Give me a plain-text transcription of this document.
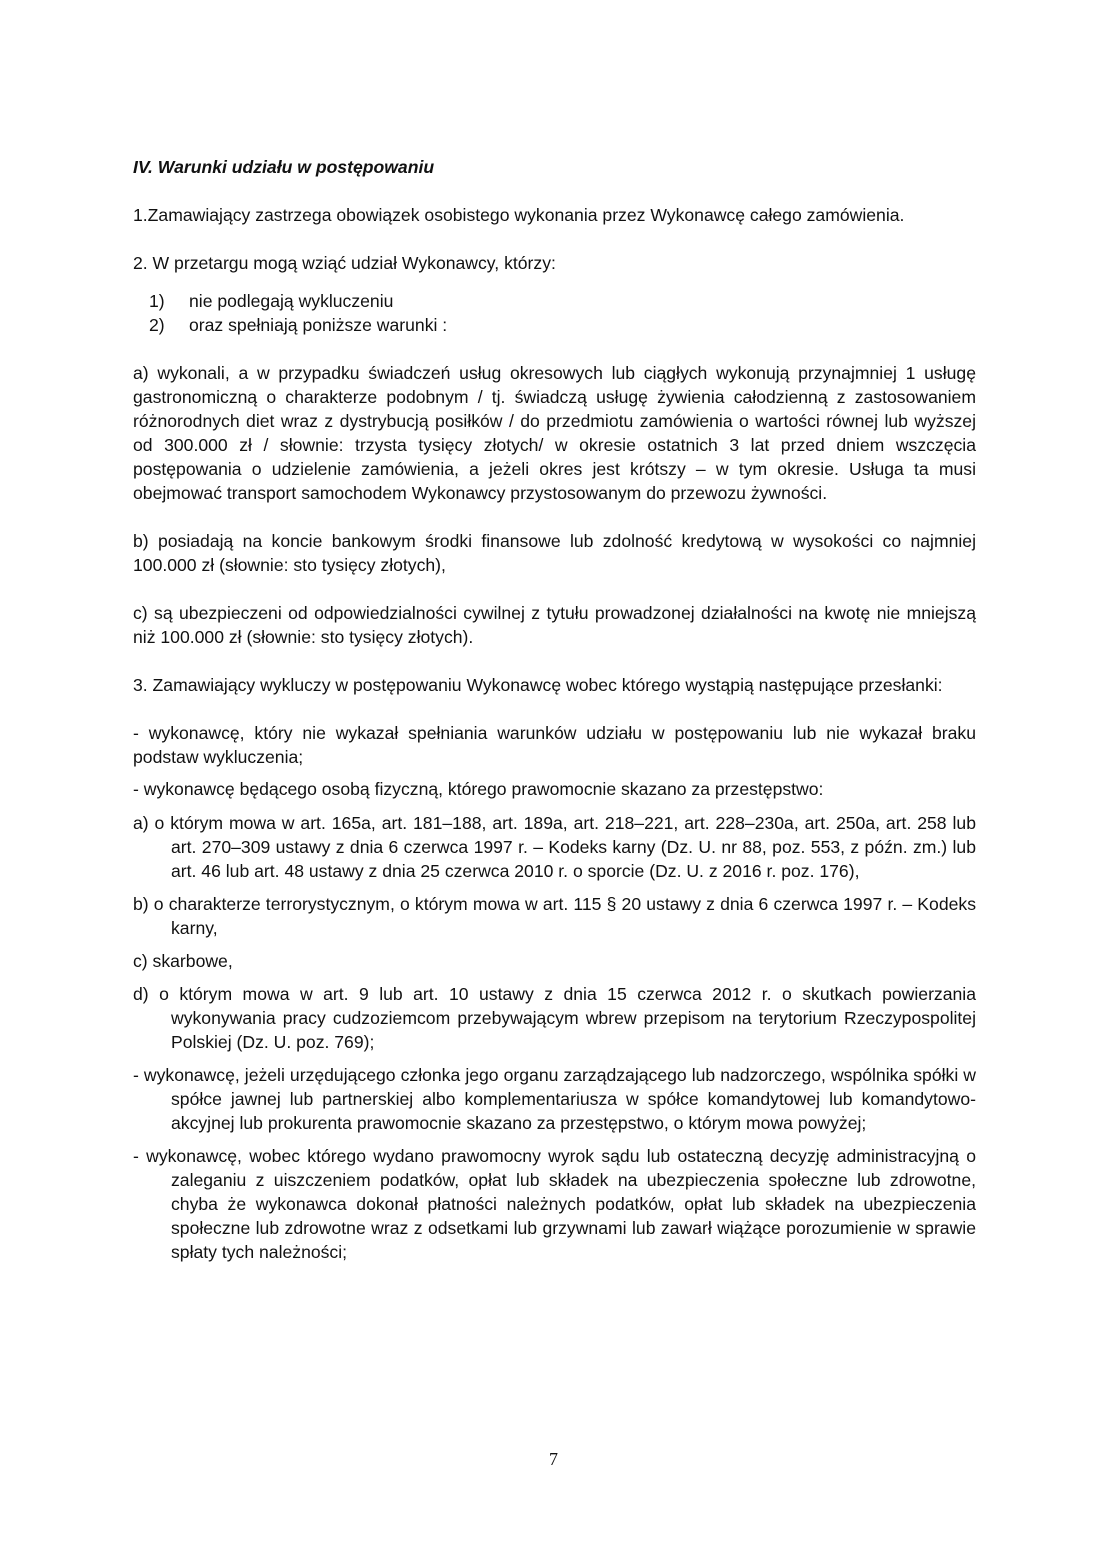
IV. Warunki udziału w postępowaniu

1.Zamawiający zastrzega obowiązek osobistego wykonania przez Wykonawcę całego zamówienia.

2. W przetargu mogą wziąć udział Wykonawcy, którzy:

1) nie podlegają wykluczeniu
2) oraz spełniają poniższe warunki :

a) wykonali, a w przypadku świadczeń usług okresowych lub ciągłych wykonują przynajmniej 1 usługę gastronomiczną o charakterze podobnym / tj. świadczą usługę żywienia całodzienną z zastosowaniem różnorodnych diet wraz z dystrybucją posiłków / do przedmiotu zamówienia o wartości równej lub wyższej od 300.000 zł / słownie: trzysta tysięcy złotych/ w okresie ostatnich 3 lat przed dniem wszczęcia postępowania o udzielenie zamówienia, a jeżeli okres jest krótszy – w tym okresie. Usługa ta musi obejmować transport samochodem Wykonawcy przystosowanym do przewozu żywności.

b) posiadają na koncie bankowym środki finansowe lub zdolność kredytową w wysokości co najmniej 100.000 zł (słownie: sto tysięcy złotych),

c) są ubezpieczeni od odpowiedzialności cywilnej z tytułu prowadzonej działalności na kwotę nie mniejszą niż 100.000 zł (słownie: sto tysięcy złotych).

3. Zamawiający wykluczy w postępowaniu Wykonawcę wobec którego wystąpią następujące przesłanki:

- wykonawcę, który nie wykazał spełniania warunków udziału w postępowaniu lub nie wykazał braku podstaw wykluczenia;

- wykonawcę będącego osobą fizyczną, którego prawomocnie skazano za przestępstwo:

a) o którym mowa w art. 165a, art. 181–188, art. 189a, art. 218–221, art. 228–230a, art. 250a, art. 258 lub art. 270–309 ustawy z dnia 6 czerwca 1997 r. – Kodeks karny (Dz. U. nr 88, poz. 553, z późn. zm.) lub art. 46 lub art. 48 ustawy z dnia 25 czerwca 2010 r. o sporcie (Dz. U. z 2016 r. poz. 176),

b) o charakterze terrorystycznym, o którym mowa w art. 115 § 20 ustawy z dnia 6 czerwca 1997 r. – Kodeks karny,

c) skarbowe,

d) o którym mowa w art. 9 lub art. 10 ustawy z dnia 15 czerwca 2012 r. o skutkach powierzania wykonywania pracy cudzoziemcom przebywającym wbrew przepisom na terytorium Rzeczypospolitej Polskiej (Dz. U. poz. 769);

- wykonawcę, jeżeli urzędującego członka jego organu zarządzającego lub nadzorczego, wspólnika spółki w spółce jawnej lub partnerskiej albo komplementariusza w spółce komandytowej lub komandytowo-akcyjnej lub prokurenta prawomocnie skazano za przestępstwo, o którym mowa powyżej;

- wykonawcę, wobec którego wydano prawomocny wyrok sądu lub ostateczną decyzję administracyjną o zaleganiu z uiszczeniem podatków, opłat lub składek na ubezpieczenia społeczne lub zdrowotne, chyba że wykonawca dokonał płatności należnych podatków, opłat lub składek na ubezpieczenia społeczne lub zdrowotne wraz z odsetkami lub grzywnami lub zawarł wiążące porozumienie w sprawie spłaty tych należności;

7
